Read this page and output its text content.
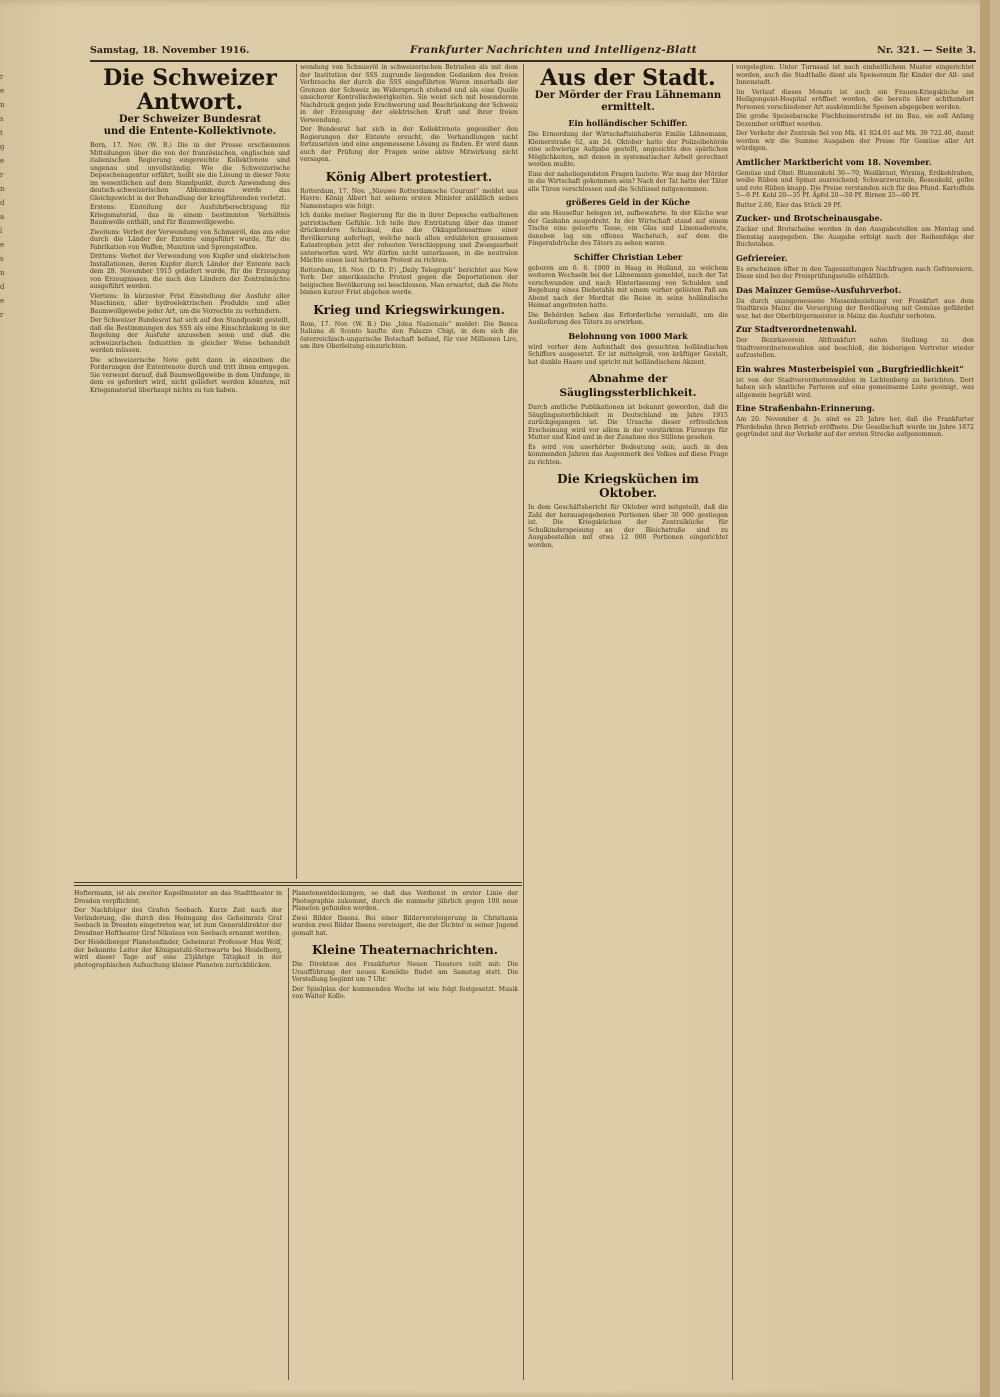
r
e
n
s
t
g
e
r
n
d
a
l
e
s
n
d
e
r
Samstag, 18. November 1916.	Frankfurter Nachrichten und Intelligenz-Blatt	Nr. 321. — Seite 3.
Die Schweizer Antwort.
Der Schweizer Bundesrat
und die Entente-Kollektivnote.

Bern, 17. Nov. (W. B.) Die in der Presse erschienenen Mitteilungen über die von der französischen, englischen und italienischen Regierung eingereichte Kollektivnote sind ungenau und unvollständig. Wie die Schweizerische Depeschenagentur erfährt, heißt sie die Lösung in dieser Note im wesentlichen auf dem Standpunkt, durch Anwendung des deutsch-schweizerischen Abkommens werde das Gleichgewicht in der Behandlung der kriegführenden verletzt.

Erstens: Einteilung der Ausfuhrberechtigung für Kriegsmaterial, das in einem bestimmten Verhältnis Baumwolle enthält, und für Baumwollgewebe.

Zweitens: Verbot der Verwendung von Schmieröl, das aus oder durch die Länder der Entente eingeführt wurde, für die Fabrikation von Waffen, Munition und Sprengstoffen.

Drittens: Verbot der Verwendung von Kupfer und elektrischen Installationen, deren Kupfer durch Länder der Entente nach dem 28. November 1915 geliefert wurde, für die Erzeugung von Erzeugnissen, die nach den Ländern der Zentralmächte ausgeführt werden.

Viertens: In kürzester Frist Einstellung der Ausfuhr aller Maschinen, aller hydroelektrischen Produkte und aller Baumwollgewebe jeder Art, um die Vorrechte zu verhindern.

Der Schweizer Bundesrat hat sich auf den Standpunkt gestellt, daß die Bestimmungen des SSS als eine Einschränkung in der Regelung der Ausfuhr anzusehen seien und daß die schweizerischen Industrien in gleicher Weise behandelt werden müssen.

Die schweizerische Note geht dann in einzelnen die Forderungen der Ententenote durch und tritt ihnen entgegen. Sie verweist darauf, daß Baumwollgewebe in dem Umfange, in dem es gefordert wird, nicht geliefert werden könnten, mit Kriegsmaterial überhaupt nichts zu tun haben.

wendung von Schmieröl in schweizerischen Betrieben als mit dem der Institution der SSS zugrunde liegenden Gedanken des freien Verbrauchs der durch die SSS eingeführten Waren innerhalb der Grenzen der Schweiz im Widerspruch stehend und als eine Quelle unsicherer Kontrollschwierigkeiten. Sie weist sich mit besonderem Nachdruck gegen jede Erschwerung und Beschränkung der Schweiz in der Erzeugung der elektrischen Kraft und ihrer freien Verwendung.

Der Bundesrat hat sich in der Kollektivnote gegenüber den Regierungen der Entente ersucht, die Verhandlungen nicht fortzusetzen und eine angemessene Lösung zu finden. Er wird dann auch der Prüfung der Fragen seine aktive Mitwirkung nicht versagen.

König Albert protestiert.

Rotterdam, 17. Nov. „Nieuwe Rotterdamsche Courant“ meldet aus Havre: König Albert hat seinem ersten Minister anläßlich seines Namenstages wie folgt:

Ich danke meiner Regierung für die in ihrer Depesche enthaltenen patriotischen Gefühle. Ich teile ihre Entrüstung über das immer drückendere Schicksal, das die Okkupationsarmee einer Bevölkerung auferlegt, welche nach allen erduldeten grausamen Katastrophen jetzt der rohesten Verschleppung und Zwangsarbeit unterworfen wird. Wir dürfen nicht unterlassen, in die neutralen Mächte einen laut hörbaren Protest zu richten.

Rotterdam, 18. Nov. (D. D. P.) „Daily Telegraph“ berichtet aus New York: Der amerikanische Protest gegen die Deportationen der belgischen Bevölkerung sei beschlossen. Man erwartet, daß die Note binnen kurzer Frist abgehen werde.

Krieg und Kriegswirkungen.

Rom, 17. Nov. (W. B.) Die „Idea Nazionale“ meldet: Die Banca Italiana di Sconto kaufte den Palazzo Chigi, in dem sich die österreichisch-ungarische Botschaft befand, für vier Millionen Lire, um ihre Oberleitung einzurichten.

Hoftermann, ist als zweiter Kapellmeister an das Stadttheater in Dresden verpflichtet.

Der Nachfolger des Grafen Seebach. Kurze Zeit nach der Veränderung, die durch den Heimgang des Geheimrats Graf Seebach in Dresden eingetreten war, ist zum Generaldirektor der Dresdner Hoftheater Graf Nikolaus von Seebach ernannt worden.

Der Heidelberger Planetenfinder, Geheimrat Professor Max Wolf, der bekannte Leiter der Königsstuhl-Sternwarte bei Heidelberg, wird dieser Tage auf eine 25jährige Tätigkeit in der photographischen Aufsuchung kleiner Planeten zurückblicken.

Planetenentdeckungen, so daß das Verdienst in erster Linie der Photographie zukommt, durch die nunmehr jährlich gegen 100 neue Planeten gefunden werden.

Zwei Bilder Ibsens. Bei einer Bilderversteigerung in Christiania wurden zwei Bilder Ibsens versteigert, die der Dichter in seiner Jugend gemalt hat.

Kleine Theaternachrichten.

Die Direktion des Frankfurter Neuen Theaters teilt mit: Die Uraufführung der neuen Komödie findet am Samstag statt. Die Vorstellung beginnt um 7 Uhr.

Der Spielplan der kommenden Woche ist wie folgt festgesetzt. Musik von Walter Kollo.

Aus der Stadt.
Der Mörder der Frau Lähnemann ermittelt.
Ein holländischer Schiffer.

Die Ermordung der Wirtschaftsinhaberin Emilie Lähnemann, Kleinerstraße 62, am 24. Oktober hatte der Polizeibehörde eine schwierige Aufgabe gestellt, angesichts des spärlichen Möglichkeiten, mit denen in systematischer Arbeit gerechnet werden mußte.

Eine der naheliegendsten Fragen lautete: Wie mag der Mörder in die Wirtschaft gekommen sein? Nach der Tat hatte der Täter alle Türen verschlossen und die Schlüssel mitgenommen.

größeres Geld in der Küche

die am Hauseflur belegen ist, aufbewahrte. In der Küche war der Gashahn ausgedreht. In der Wirtschaft stand auf einem Tische eine geleerte Tasse, ein Glas und Limonadereste, daneben lag ein offenes Wachstuch, auf dem die Fingerabdrücke des Täters zu sehen waren.

Schiffer Christian Leber

geboren am 6. 8. 1900 in Haag in Holland, zu welchem weiteren Wechseln bei der Lähnemann gemeldet, nach der Tat verschwunden und nach Hinterlassung von Schulden und Begehung eines Diebstahls mit einem vorher gelösten Paß am Abend nach der Mordtat die Reise in seine holländische Heimat angetreten hatte.

Die Behörden haben das Erforderliche veranlaßt, um die Auslieferung des Täters zu erwirken.

Belohnung von 1000 Mark

wird vorher dem Aufenthalt des gesuchten holländischen Schiffers ausgesetzt. Er ist mittelgroß, von kräftiger Gestalt, hat dunkle Haare und spricht mit holländischem Akzent.

Abnahme der Säuglingssterblichkeit.

Durch amtliche Publikationen ist bekannt geworden, daß die Säuglingssterblichkeit in Deutschland im Jahre 1915 zurückgegangen ist. Die Ursache dieser erfreulichen Erscheinung wird vor allem in der verstärkten Fürsorge für Mutter und Kind und in der Zunahme des Stillens gesehen.

Es wird von unerhörter Bedeutung sein, auch in den kommenden Jahren das Augenmerk des Volkes auf diese Frage zu richten.

Die Kriegsküchen im Oktober.

In dem Geschäftsbericht für Oktober wird mitgeteilt, daß die Zahl der herausgegebenen Portionen über 30 000 gestiegen ist. Die Kriegsküchen der Zentralküche für Schulkinderspeisung an der Bleichstraße sind zu Ausgabestellen mit etwa 12 000 Portionen eingerichtet worden.

vorgelegten. Unter Turnsaal ist nach einheitlichem Muster eingerichtet worden, auch die Stadthalle dient als Speiseraum für Kinder der Alt- und Innenstadt.

Im Verlauf dieses Monats ist auch ein Frauen-Kriegsküche im Heiligengeist-Hospital eröffnet worden, die bereits über achthundert Personen verschiedener Art auskömmliche Speisen abgegeben werden.

Die große Speisebaracke Fischheimerstraße ist im Bau, sie soll Anfang Dezember eröffnet werden.

Der Verkehr der Zentrale fiel von Mk. 41 824.01 auf Mk. 39 722.40, damit werden wir die Summe Ausgaben der Preise für Gemüse aller Art würdigen.

Amtlicher Marktbericht vom 18. November.

Gemüse und Obst: Blumenkohl 30—70, Weißkraut, Wirsing, Erdkohlraben, weiße Rüben und Spinat ausreichend; Schwarzwurzeln, Rosenkohl, gelbe und rote Rüben knapp. Die Preise verstanden sich für das Pfund. Kartoffeln 5—6 Pf. Kohl 20—35 Pf. Äpfel 20—50 Pf. Birnen 25—60 Pf.

Butter 2.60, Eier das Stück 29 Pf.

Zucker- und Brotscheinausgabe.

Zucker und Brotscheine werden in den Ausgabestellen am Montag und Dienstag ausgegeben. Die Ausgabe erfolgt nach der Reihenfolge der Buchstaben.

Gefriereier.

Es erscheinen öfter in den Tageszeitungen Nachfragen nach Gefriereiern. Diese sind bei der Preisprüfungsstelle erhältlich.

Das Mainzer Gemüse-Ausfuhrverbot.

Da durch unangemessene Massenbeziehung vor Frankfurt aus dem Stadtkreis Mainz die Versorgung der Bevölkerung mit Gemüse gefährdet war, hat der Oberbürgermeister in Mainz die Ausfuhr verboten.

Zur Stadtverordnetenwahl.

Der Bezirksverein Altfrankfurt nahm Stellung zu den Stadtverordnetenwahlen und beschloß, die bisherigen Vertreter wieder aufzustellen.

Ein wahres Musterbeispiel von „Burgfriedlichkeit“

ist von der Stadtverordnetenwahlen in Lichtenberg zu berichten. Dort haben sich sämtliche Parteien auf eine gemeinsame Liste geeinigt, was allgemein begrüßt wird.

Eine Straßenbahn-Erinnerung.

Am 20. November d. Js. sind es 25 Jahre her, daß die Frankfurter Pferdebahn ihren Betrieb eröffnete. Die Gesellschaft wurde im Jahre 1872 gegründet und der Verkehr auf der ersten Strecke aufgenommen.
